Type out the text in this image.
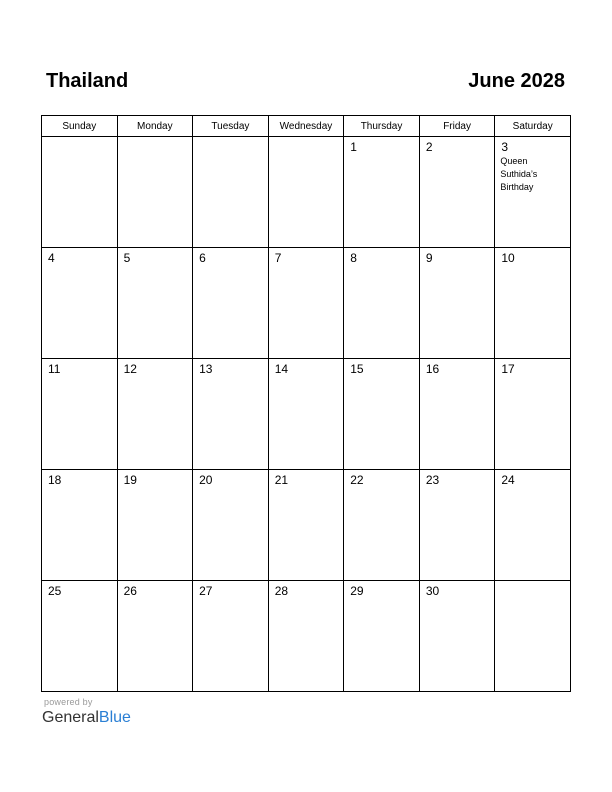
Thailand	June 2028
Sunday	Monday	Tuesday	Wednesday	Thursday	Friday	Saturday

				1	2	3
Queen Suthida’s Birthday

4	5	6	7	8	9	10

11	12	13	14	15	16	17

18	19	20	21	22	23	24

25	26	27	28	29	30	

powered by
GeneralBlue
